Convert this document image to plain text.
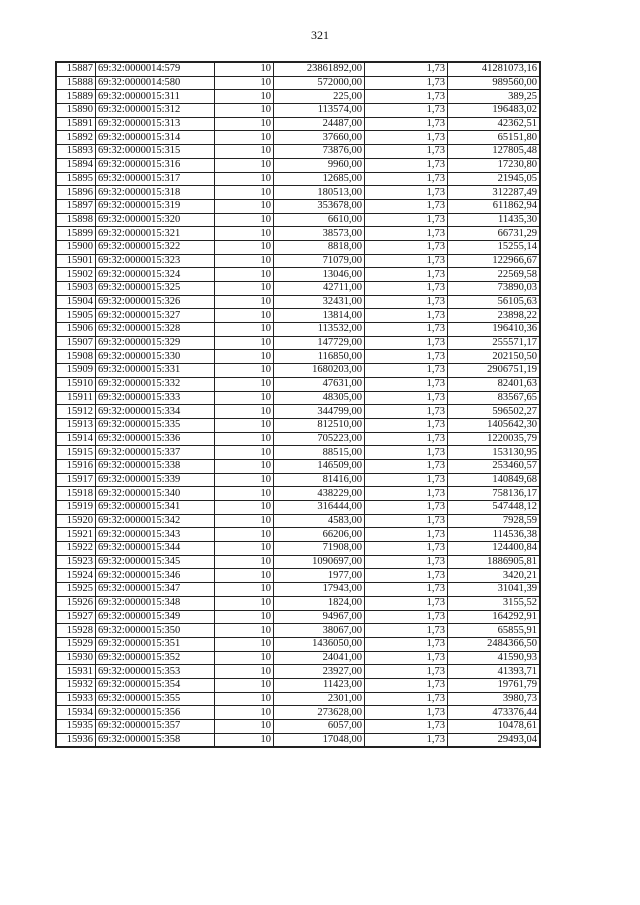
321
15887	69:32:0000014:579	10	23861892,00	1,73	41281073,16
15888	69:32:0000014:580	10	572000,00	1,73	989560,00
15889	69:32:0000015:311	10	225,00	1,73	389,25
15890	69:32:0000015:312	10	113574,00	1,73	196483,02
15891	69:32:0000015:313	10	24487,00	1,73	42362,51
15892	69:32:0000015:314	10	37660,00	1,73	65151,80
15893	69:32:0000015:315	10	73876,00	1,73	127805,48
15894	69:32:0000015:316	10	9960,00	1,73	17230,80
15895	69:32:0000015:317	10	12685,00	1,73	21945,05
15896	69:32:0000015:318	10	180513,00	1,73	312287,49
15897	69:32:0000015:319	10	353678,00	1,73	611862,94
15898	69:32:0000015:320	10	6610,00	1,73	11435,30
15899	69:32:0000015:321	10	38573,00	1,73	66731,29
15900	69:32:0000015:322	10	8818,00	1,73	15255,14
15901	69:32:0000015:323	10	71079,00	1,73	122966,67
15902	69:32:0000015:324	10	13046,00	1,73	22569,58
15903	69:32:0000015:325	10	42711,00	1,73	73890,03
15904	69:32:0000015:326	10	32431,00	1,73	56105,63
15905	69:32:0000015:327	10	13814,00	1,73	23898,22
15906	69:32:0000015:328	10	113532,00	1,73	196410,36
15907	69:32:0000015:329	10	147729,00	1,73	255571,17
15908	69:32:0000015:330	10	116850,00	1,73	202150,50
15909	69:32:0000015:331	10	1680203,00	1,73	2906751,19
15910	69:32:0000015:332	10	47631,00	1,73	82401,63
15911	69:32:0000015:333	10	48305,00	1,73	83567,65
15912	69:32:0000015:334	10	344799,00	1,73	596502,27
15913	69:32:0000015:335	10	812510,00	1,73	1405642,30
15914	69:32:0000015:336	10	705223,00	1,73	1220035,79
15915	69:32:0000015:337	10	88515,00	1,73	153130,95
15916	69:32:0000015:338	10	146509,00	1,73	253460,57
15917	69:32:0000015:339	10	81416,00	1,73	140849,68
15918	69:32:0000015:340	10	438229,00	1,73	758136,17
15919	69:32:0000015:341	10	316444,00	1,73	547448,12
15920	69:32:0000015:342	10	4583,00	1,73	7928,59
15921	69:32:0000015:343	10	66206,00	1,73	114536,38
15922	69:32:0000015:344	10	71908,00	1,73	124400,84
15923	69:32:0000015:345	10	1090697,00	1,73	1886905,81
15924	69:32:0000015:346	10	1977,00	1,73	3420,21
15925	69:32:0000015:347	10	17943,00	1,73	31041,39
15926	69:32:0000015:348	10	1824,00	1,73	3155,52
15927	69:32:0000015:349	10	94967,00	1,73	164292,91
15928	69:32:0000015:350	10	38067,00	1,73	65855,91
15929	69:32:0000015:351	10	1436050,00	1,73	2484366,50
15930	69:32:0000015:352	10	24041,00	1,73	41590,93
15931	69:32:0000015:353	10	23927,00	1,73	41393,71
15932	69:32:0000015:354	10	11423,00	1,73	19761,79
15933	69:32:0000015:355	10	2301,00	1,73	3980,73
15934	69:32:0000015:356	10	273628,00	1,73	473376,44
15935	69:32:0000015:357	10	6057,00	1,73	10478,61
15936	69:32:0000015:358	10	17048,00	1,73	29493,04
